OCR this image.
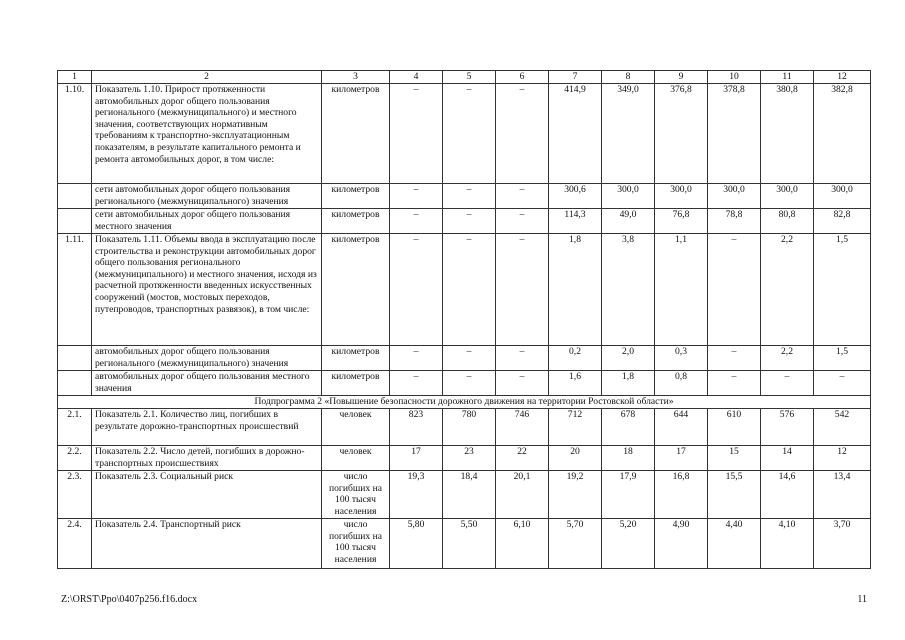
1	2	3	4	5	6	7	8	9	10	11	12
1.10.	Показатель 1.10. Прирост протяженности автомобильных дорог общего пользования регионального (межмуниципального) и местного значения, соответствующих нормативным требованиям к транспортно-эксплуатационным показателям, в результате капитального ремонта и ремонта автомобильных дорог, в том числе:	километров	–	–	–	414,9	349,0	376,8	378,8	380,8	382,8
	сети автомобильных дорог общего пользования регионального (межмуниципального) значения	километров	–	–	–	300,6	300,0	300,0	300,0	300,0	300,0
	сети автомобильных дорог общего пользования местного значения	километров	–	–	–	114,3	49,0	76,8	78,8	80,8	82,8
1.11.	Показатель 1.11. Объемы ввода в эксплуатацию после строительства и реконструкции автомобильных дорог общего пользования регионального (межмуниципального) и местного значения, исходя из расчетной протяженности введенных искусственных сооружений (мостов, мостовых переходов, путепроводов, транспортных развязок), в том числе:	километров	–	–	–	1,8	3,8	1,1	–	2,2	1,5
	автомобильных дорог общего пользования регионального (межмуниципального) значения	километров	–	–	–	0,2	2,0	0,3	–	2,2	1,5
	автомобильных дорог общего пользования местного значения	километров	–	–	–	1,6	1,8	0,8	–	–	–
Подпрограмма 2 «Повышение безопасности дорожного движения на территории Ростовской области»											
2.1.	Показатель 2.1. Количество лиц, погибших в результате дорожно-транспортных происшествий	человек	823	780	746	712	678	644	610	576	542
2.2.	Показатель 2.2. Число детей, погибших в дорожно-транспортных происшествиях	человек	17	23	22	20	18	17	15	14	12
2.3.	Показатель 2.3. Социальный риск	число погибших на 100 тысяч населения	19,3	18,4	20,1	19,2	17,9	16,8	15,5	14,6	13,4
2.4.	Показатель 2.4. Транспортный риск	число погибших на 100 тысяч населения	5,80	5,50	6,10	5,70	5,20	4,90	4,40	4,10	3,70
Z:\ORST\Ppo\0407p256.f16.docx	11
